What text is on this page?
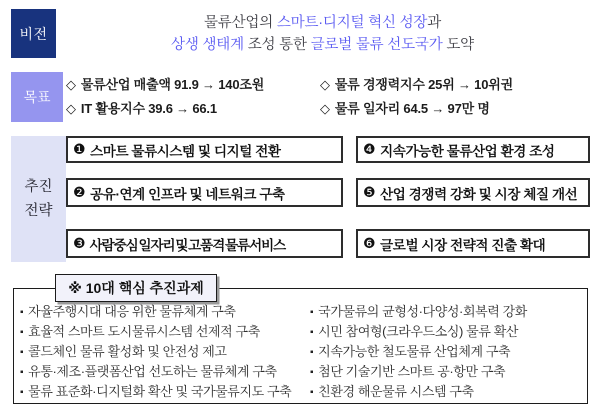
비전
물류산업의 스마트·디지털 혁신 성장과
상생 생태계 조성 통한 글로벌 물류 선도국가 도약
목표
◇ 물류산업 매출액 91.9 → 140조원	◇ 물류 경쟁력지수 25위 → 10위권
◇ IT 활용지수 39.6 → 66.1	◇ 물류 일자리 64.5 → 97만 명
추진
전략
❶ 스마트 물류시스템 및 디지털 전환
❷ 공유·연계 인프라 및 네트워크 구축
❸ 사람중심 일자리 및 고품격 물류서비스
❹ 지속가능한 물류산업 환경 조성
❺ 산업 경쟁력 강화 및 시장 체질 개선
❻ 글로벌 시장 전략적 진출 확대
※ 10대 핵심 추진과제
▪ 자율주행시대 대응 위한 물류체계 구축
▪ 효율적 스마트 도시물류시스템 선제적 구축
▪ 콜드체인 물류 활성화 및 안전성 제고
▪ 유통·제조·플랫폼산업 선도하는 물류체계 구축
▪ 물류 표준화·디지털화 확산 및 국가물류지도 구축
▪ 국가물류의 균형성·다양성·회복력 강화
▪ 시민 참여형(크라우드소싱) 물류 확산
▪ 지속가능한 철도물류 산업체계 구축
▪ 첨단 기술기반 스마트 공·항만 구축
▪ 친환경 해운물류 시스템 구축
